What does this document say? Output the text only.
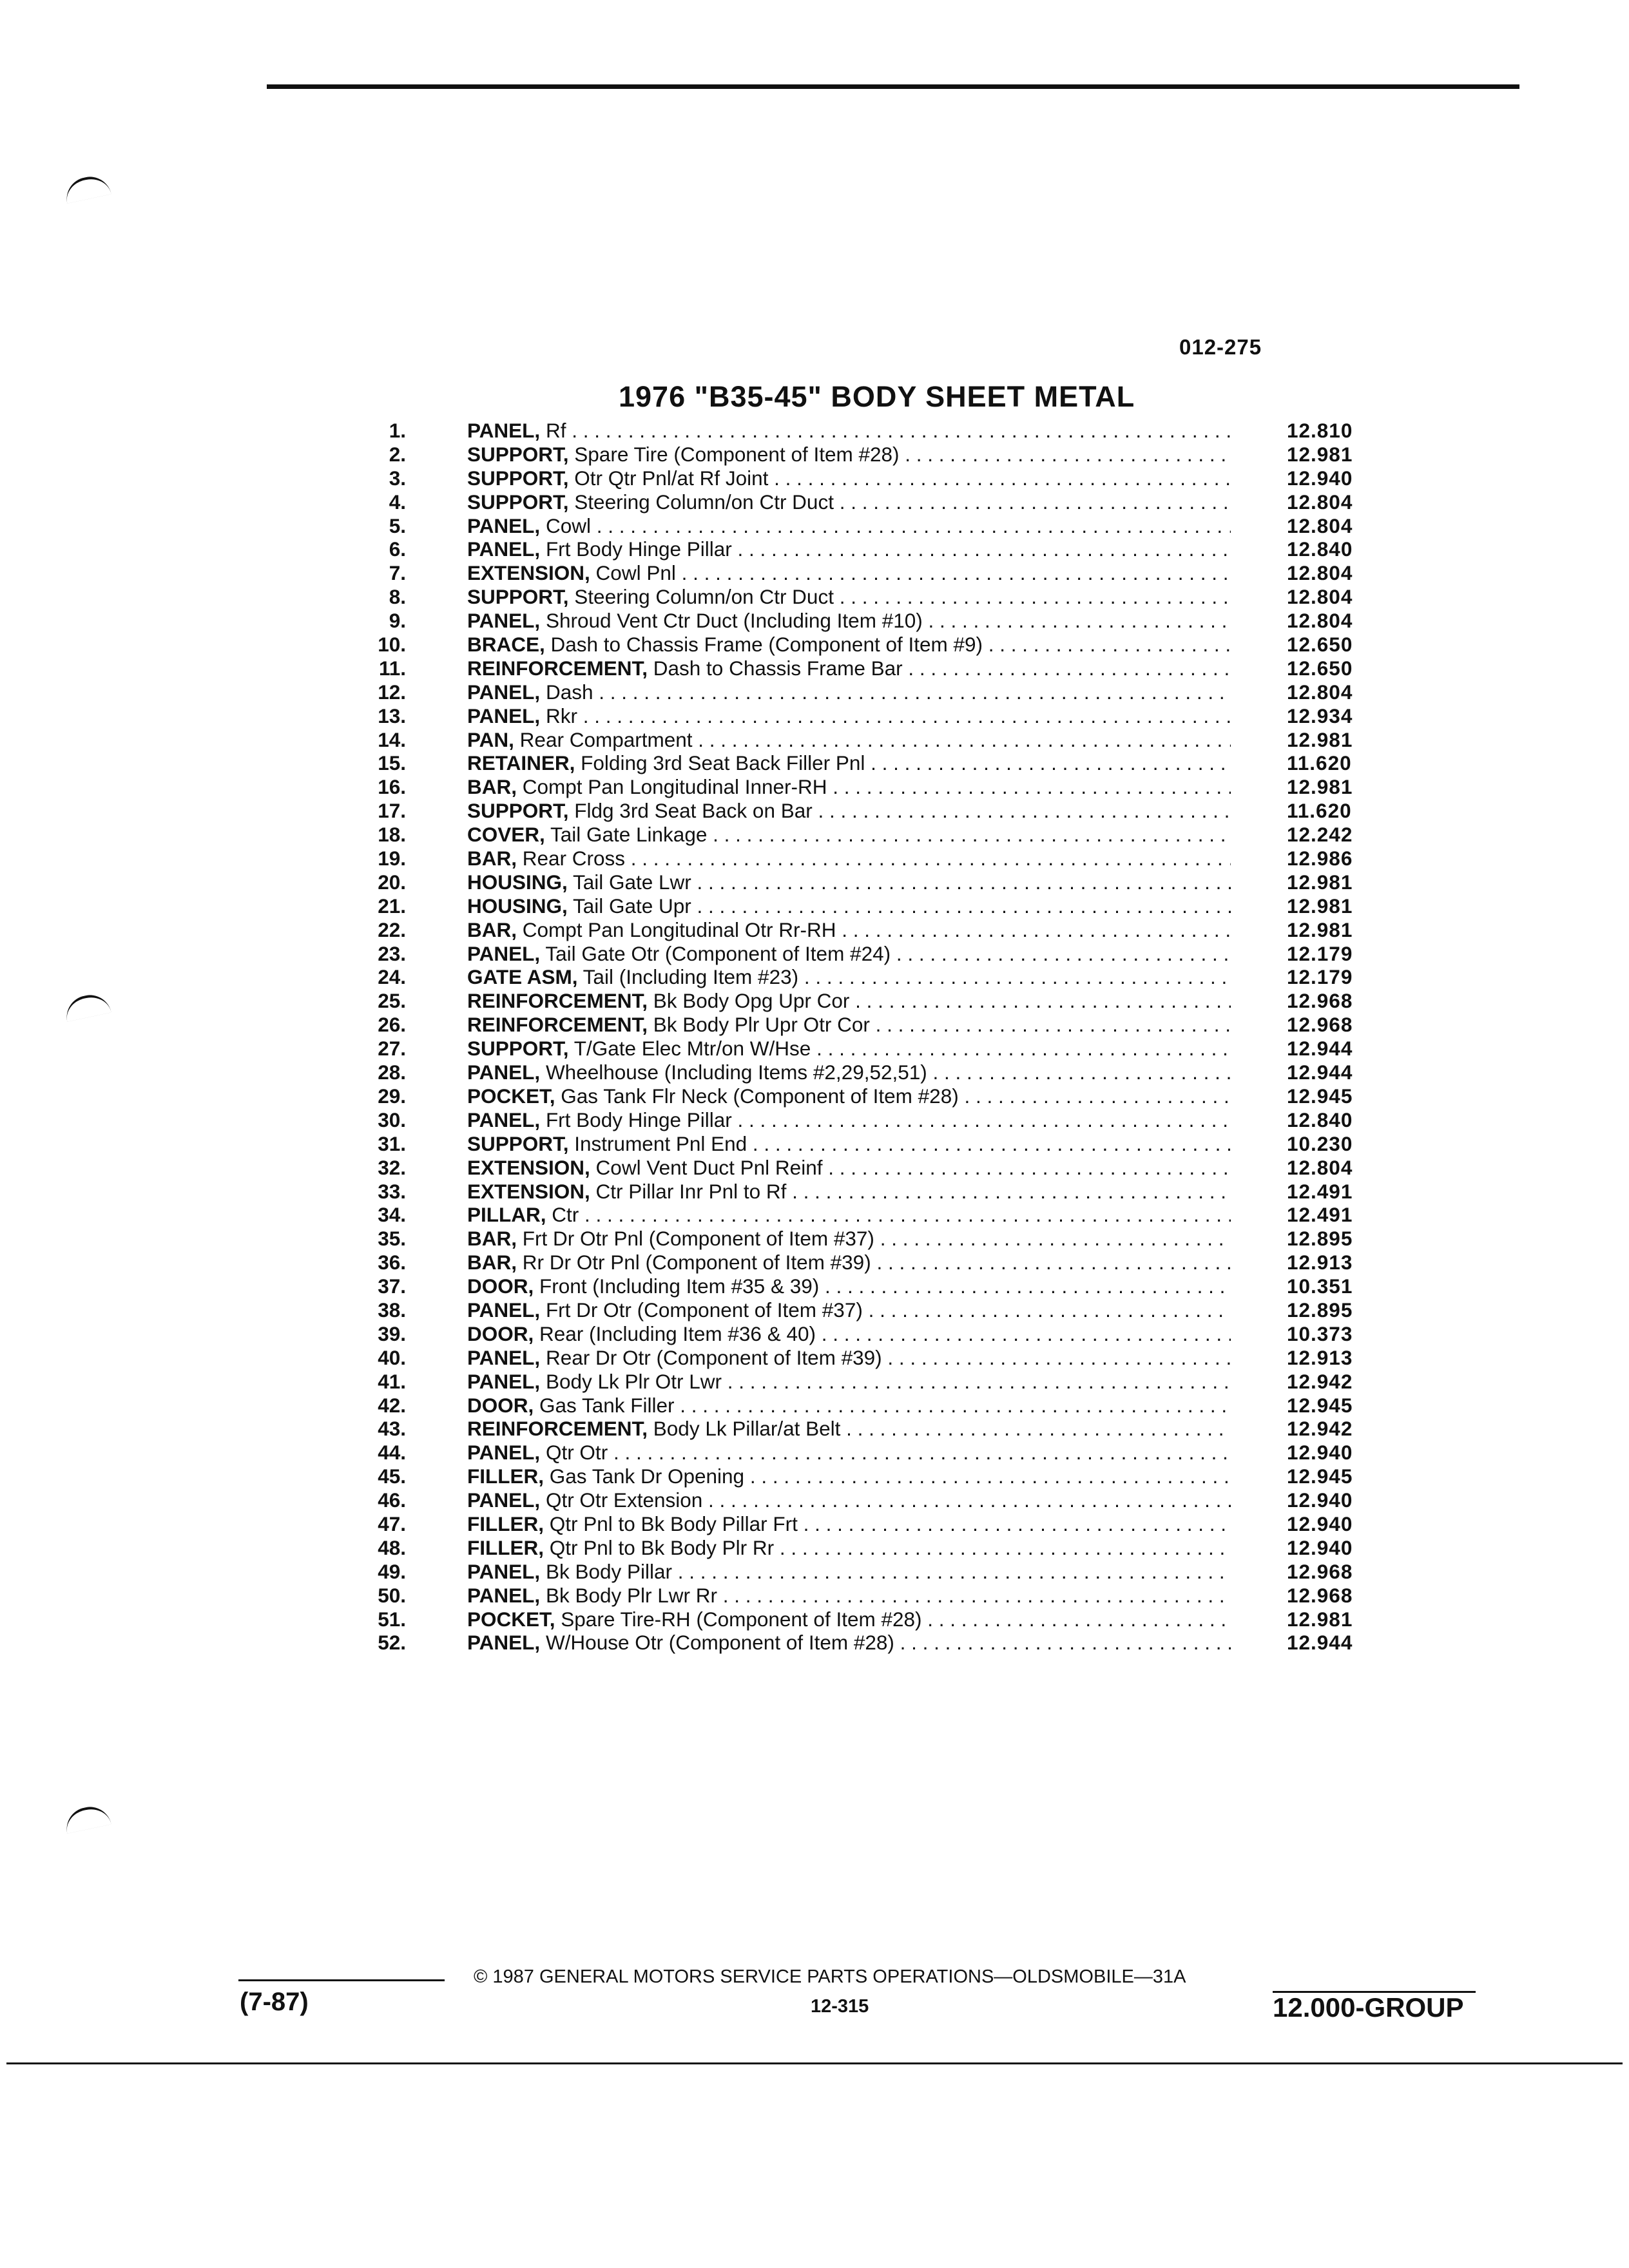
012-275
1976 "B35-45" BODY SHEET METAL
1.	PANEL, Rf . . .	12.810
2.	SUPPORT, Spare Tire (Component of Item #28) . . .	12.981
3.	SUPPORT, Otr Qtr Pnl/at Rf Joint . . .	12.940
4.	SUPPORT, Steering Column/on Ctr Duct . . .	12.804
5.	PANEL, Cowl . . .	12.804
6.	PANEL, Frt Body Hinge Pillar . . .	12.840
7.	EXTENSION, Cowl Pnl . . .	12.804
8.	SUPPORT, Steering Column/on Ctr Duct . . .	12.804
9.	PANEL, Shroud Vent Ctr Duct (Including Item #10) . . .	12.804
10.	BRACE, Dash to Chassis Frame (Component of Item #9) . . .	12.650
11.	REINFORCEMENT, Dash to Chassis Frame Bar . . .	12.650
12.	PANEL, Dash . . .	12.804
13.	PANEL, Rkr . . .	12.934
14.	PAN, Rear Compartment . . .	12.981
15.	RETAINER, Folding 3rd Seat Back Filler Pnl . . .	11.620
16.	BAR, Compt Pan Longitudinal Inner-RH . . .	12.981
17.	SUPPORT, Fldg 3rd Seat Back on Bar . . .	11.620
18.	COVER, Tail Gate Linkage . . .	12.242
19.	BAR, Rear Cross . . .	12.986
20.	HOUSING, Tail Gate Lwr . . .	12.981
21.	HOUSING, Tail Gate Upr . . .	12.981
22.	BAR, Compt Pan Longitudinal Otr Rr-RH . . .	12.981
23.	PANEL, Tail Gate Otr (Component of Item #24) . . .	12.179
24.	GATE ASM, Tail (Including Item #23) . . .	12.179
25.	REINFORCEMENT, Bk Body Opg Upr Cor . . .	12.968
26.	REINFORCEMENT, Bk Body Plr Upr Otr Cor . . .	12.968
27.	SUPPORT, T/Gate Elec Mtr/on W/Hse . . .	12.944
28.	PANEL, Wheelhouse (Including Items #2,29,52,51) . . .	12.944
29.	POCKET, Gas Tank Flr Neck (Component of Item #28) . . .	12.945
30.	PANEL, Frt Body Hinge Pillar . . .	12.840
31.	SUPPORT, Instrument Pnl End . . .	10.230
32.	EXTENSION, Cowl Vent Duct Pnl Reinf . . .	12.804
33.	EXTENSION, Ctr Pillar Inr Pnl to Rf . . .	12.491
34.	PILLAR, Ctr . . .	12.491
35.	BAR, Frt Dr Otr Pnl (Component of Item #37) . . .	12.895
36.	BAR, Rr Dr Otr Pnl (Component of Item #39) . . .	12.913
37.	DOOR, Front (Including Item #35 & 39) . . .	10.351
38.	PANEL, Frt Dr Otr (Component of Item #37) . . .	12.895
39.	DOOR, Rear (Including Item #36 & 40) . . .	10.373
40.	PANEL, Rear Dr Otr (Component of Item #39) . . .	12.913
41.	PANEL, Body Lk Plr Otr Lwr . . .	12.942
42.	DOOR, Gas Tank Filler . . .	12.945
43.	REINFORCEMENT, Body Lk Pillar/at Belt . . .	12.942
44.	PANEL, Qtr Otr . . .	12.940
45.	FILLER, Gas Tank Dr Opening . . .	12.945
46.	PANEL, Qtr Otr Extension . . .	12.940
47.	FILLER, Qtr Pnl to Bk Body Pillar Frt . . .	12.940
48.	FILLER, Qtr Pnl to Bk Body Plr Rr . . .	12.940
49.	PANEL, Bk Body Pillar . . .	12.968
50.	PANEL, Bk Body Plr Lwr Rr . . .	12.968
51.	POCKET, Spare Tire-RH (Component of Item #28) . . .	12.981
52.	PANEL, W/House Otr (Component of Item #28) . . .	12.944
(7-87)
© 1987 GENERAL MOTORS SERVICE PARTS OPERATIONS—OLDSMOBILE—31A
12-315	12.000-GROUP
